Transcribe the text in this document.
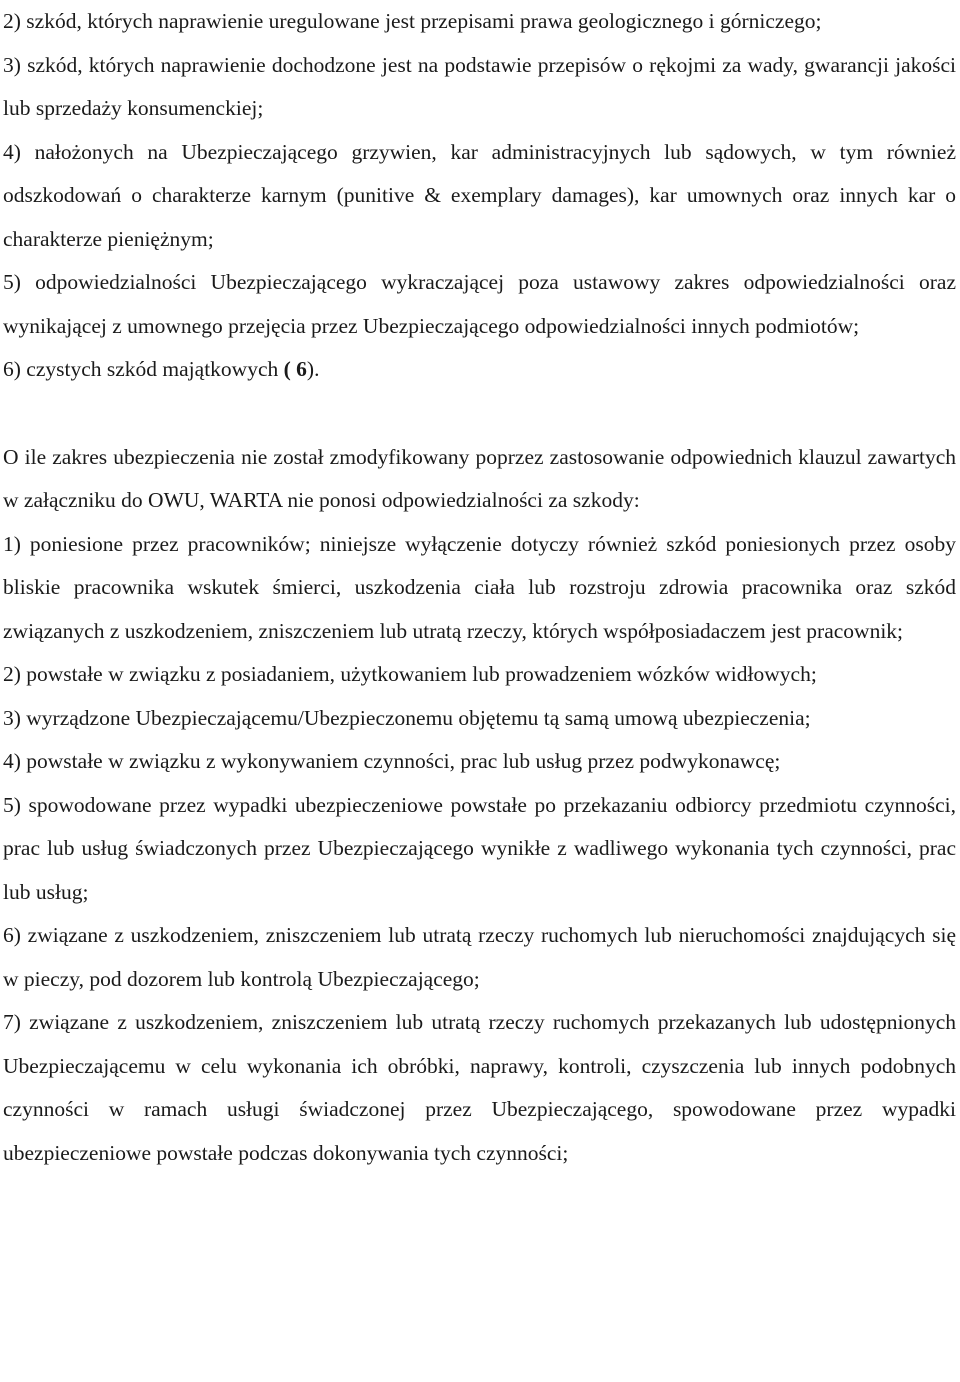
2) szkód, których naprawienie uregulowane jest przepisami prawa geologicznego i górniczego;

3) szkód, których naprawienie dochodzone jest na podstawie przepisów o rękojmi za wady, gwarancji jakości lub sprzedaży konsumenckiej;

4) nałożonych na Ubezpieczającego grzywien, kar administracyjnych lub sądowych, w tym również odszkodowań o charakterze karnym (punitive & exemplary damages), kar umownych oraz innych kar o charakterze pieniężnym;

5) odpowiedzialności Ubezpieczającego wykraczającej poza ustawowy zakres odpowiedzialności oraz wynikającej z umownego przejęcia przez Ubezpieczającego odpowiedzialności innych podmiotów;

6) czystych szkód majątkowych ( 6).

O ile zakres ubezpieczenia nie został zmodyfikowany poprzez zastosowanie odpowiednich klauzul zawartych w załączniku do OWU, WARTA nie ponosi odpowiedzialności za szkody:

1) poniesione przez pracowników; niniejsze wyłączenie dotyczy również szkód poniesionych przez osoby bliskie pracownika wskutek śmierci, uszkodzenia ciała lub rozstroju zdrowia pracownika oraz szkód związanych z uszkodzeniem, zniszczeniem lub utratą rzeczy, których współposiadaczem jest pracownik;

2) powstałe w związku z posiadaniem, użytkowaniem lub prowadzeniem wózków widłowych;

3) wyrządzone Ubezpieczającemu/Ubezpieczonemu objętemu tą samą umową ubezpieczenia;

4) powstałe w związku z wykonywaniem czynności, prac lub usług przez podwykonawcę;

5) spowodowane przez wypadki ubezpieczeniowe powstałe po przekazaniu odbiorcy przedmiotu czynności, prac lub usług świadczonych przez Ubezpieczającego wynikłe z wadliwego wykonania tych czynności, prac lub usług;

6) związane z uszkodzeniem, zniszczeniem lub utratą rzeczy ruchomych lub nieruchomości znajdujących się w pieczy, pod dozorem lub kontrolą Ubezpieczającego;

7) związane z uszkodzeniem, zniszczeniem lub utratą rzeczy ruchomych przekazanych lub udostępnionych Ubezpieczającemu w celu wykonania ich obróbki, naprawy, kontroli, czyszczenia lub innych podobnych czynności w ramach usługi świadczonej przez Ubezpieczającego, spowodowane przez wypadki ubezpieczeniowe powstałe podczas dokonywania tych czynności;
